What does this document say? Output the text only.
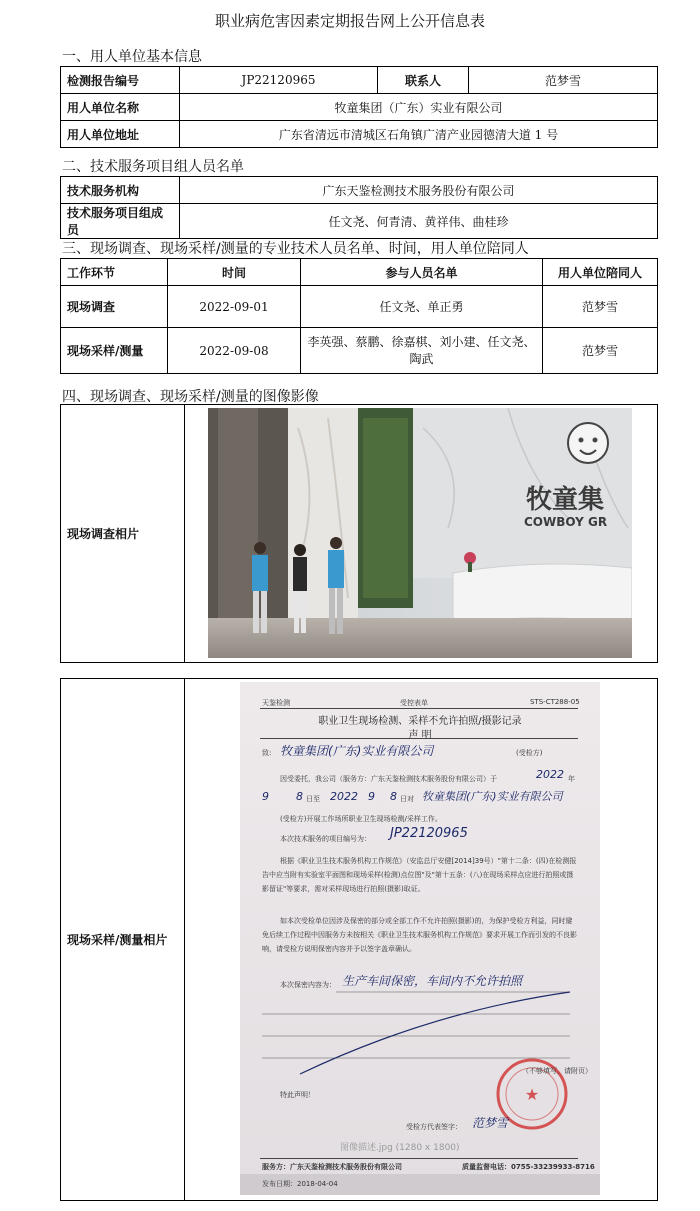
职业病危害因素定期报告网上公开信息表
一、用人单位基本信息
检测报告编号	JP22120965	联系人	范梦雪
用人单位名称	牧童集团（广东）实业有限公司		
用人单位地址	广东省清远市清城区石角镇广清产业园德清大道 1 号		
二、技术服务项目组人员名单
技术服务机构	广东天鉴检测技术服务股份有限公司
技术服务项目组成员	任文尧、何青清、黄祥伟、曲桂珍
三、现场调查、现场采样/测量的专业技术人员名单、时间，用人单位陪同人
工作环节	时间	参与人员名单	用人单位陪同人
现场调查	2022-09-01	任文尧、单正勇	范梦雪
现场采样/测量	2022-09-08	李英强、蔡鹏、徐嘉棋、刘小建、任文尧、陶武	范梦雪
四、现场调查、现场采样/测量的图像影像
现场调查相片	
现场采样/测量相片	
牧童集
COWBOY GR
天鉴检测	受控表单	STS-CT288-05
职业卫生现场检测、采样不允许拍照/摄影记录
声 明
致: 牧童集团(广东)实业有限公司	(受检方)
因受委托，我公司（服务方：广东天鉴检测技术服务股份有限公司）于	2022 年
9 8 日至 2022 9 8 日对 牧童集团(广东)实业有限公司
(受检方)开展工作场所职业卫生现场检测/采样工作。
本次技术服务的项目编号为： JP22120965
根据《职业卫生技术服务机构工作规范》（安监总厅安健[2014]39号）"第十二条：(四)在检测报告中应当附有实验室平面图和现场采样(检测)点位图"及"第十五条：(八)在现场采样点应进行拍照或摄影留证"等要求，需对采样现场进行拍照(摄影)取证。
如本次受检单位因涉及保密的部分或全部工作不允许拍照(摄影)的，为保护受检方利益，同时避免后续工作过程中因服务方未按相关《职业卫生技术服务机构工作规范》要求开展工作而引发的不良影响，请受检方说明保密内容并予以签字盖章确认。
本次保密内容为： 生产车间保密，车间内不允许拍照
★
（不够填写，请附页）
特此声明！
受检方代表签字： 范梦雪
图像描述.jpg (1280 x 1800)
服务方：广东天鉴检测技术服务股份有限公司	质量监督电话：0755-33239933-8716
发布日期：2018-04-04
